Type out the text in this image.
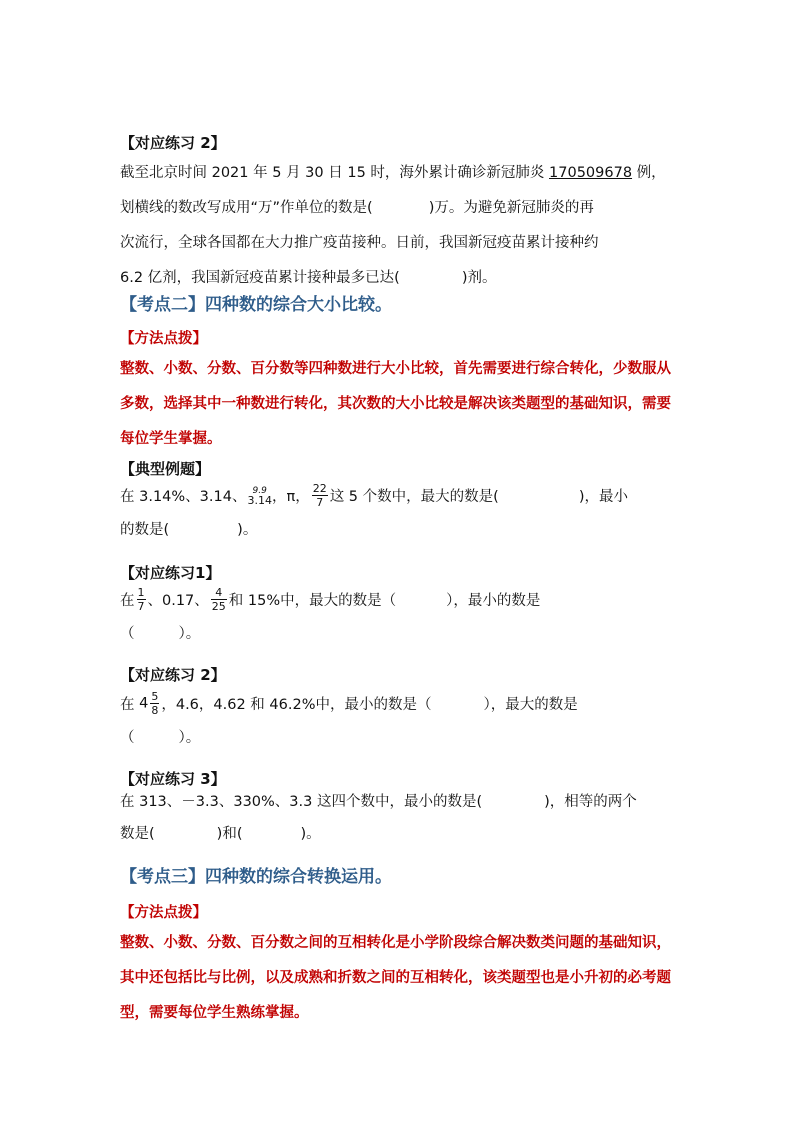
【对应练习 2】
截至北京时间 2021 年 5 月 30 日 15 时，海外累计确诊新冠肺炎 170509678 例，
划横线的数改写成用“万”作单位的数是(	)万。为避免新冠肺炎的再
次流行，全球各国都在大力推广疫苗接种。日前，我国新冠疫苗累计接种约
6.2 亿剂，我国新冠疫苗累计接种最多已达(	)剂。
【考点二】四种数的综合大小比较。
【方法点拨】
整数、小数、分数、百分数等四种数进行大小比较，首先需要进行综合转化，少数服从多数，选择其中一种数进行转化，其次数的大小比较是解决该类题型的基础知识，需要每位学生掌握。
【典型例题】
在 3.14%、3.14、 9.9
3.14 ，π， $\frac{22}{7}$ 这 5 个数中，最大的数是(	)，最小
的数是(	)。
【对应练习1】
在 $\frac{1}{7}$ 、0.17、 $\frac{4}{25}$ 和 15%中，最大的数是（	），最小的数是
（	）。
【对应练习 2】
在 $4 \frac{5}{8}$ ，4.6，4.62 和 46.2%中，最小的数是（	），最大的数是
（	）。
【对应练习 3】
在 313、－3.3、330%、3.3 这四个数中，最小的数是(	)，相等的两个
数是(	)和(	)。
【考点三】四种数的综合转换运用。
【方法点拨】
整数、小数、分数、百分数之间的互相转化是小学阶段综合解决数类问题的基础知识，其中还包括比与比例，以及成熟和折数之间的互相转化，该类题型也是小升初的必考题型，需要每位学生熟练掌握。
